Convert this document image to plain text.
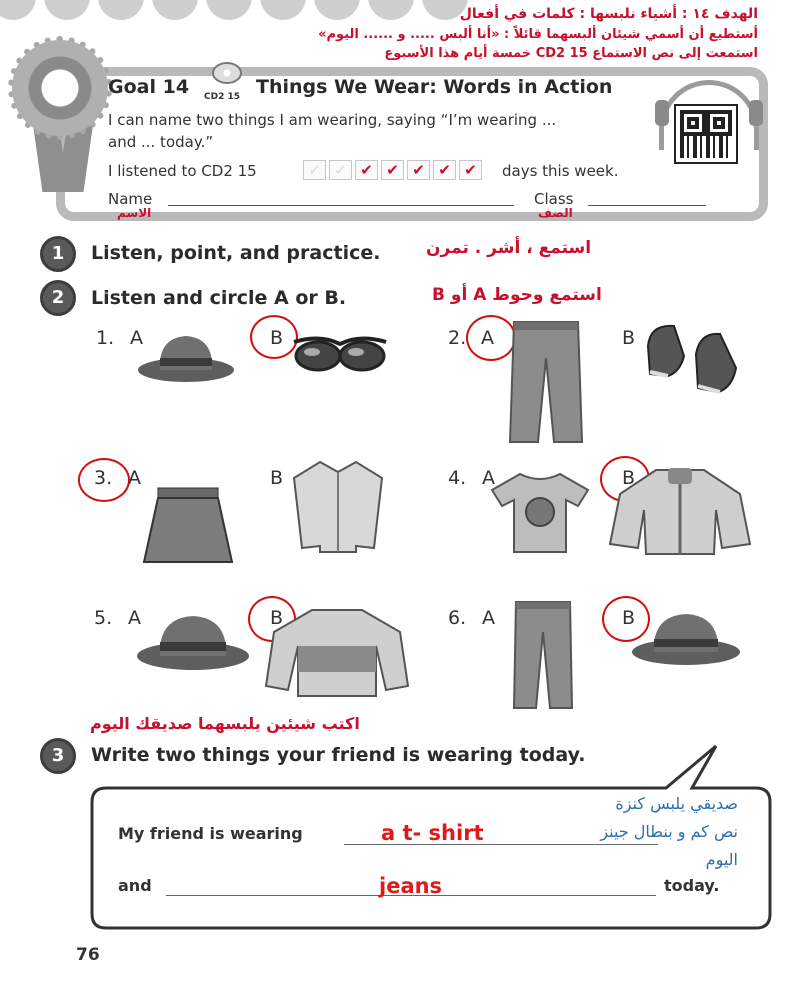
الهدف ١٤ : أشياء نلبسها : كلمات في أفعال
أستطيع أن أسمي شيئان ألبسهما قائلاً : «أنا ألبس ..... و ...... اليوم»
استمعت إلى نص الاستماع CD2 15 خمسة أيام هذا الأسبوع
Goal 14 CD2 15 Things We Wear: Words in Action
I can name two things I am wearing, saying “I’m wearing ...
and ... today.”
I listened to CD2 15	✓ ✓ ✔ ✔ ✔ ✔ ✔	days this week.
Name
الاسم
Class
الصف
1	Listen, point, and practice.	استمع ، أشر . تمرن
2	Listen and circle A or B.	استمع وحوط A أو B
1. A	B	2. A	B
3. A	B	4. A	B
5. A	B	6. A	B
اكتب شيئين يلبسهما صديقك اليوم
3	Write two things your friend is wearing today.
My friend is wearing	a t- shirt
صديقي يلبس كنزة
نص كم و بنطال جينز
اليوم
and	jeans	today.
76
